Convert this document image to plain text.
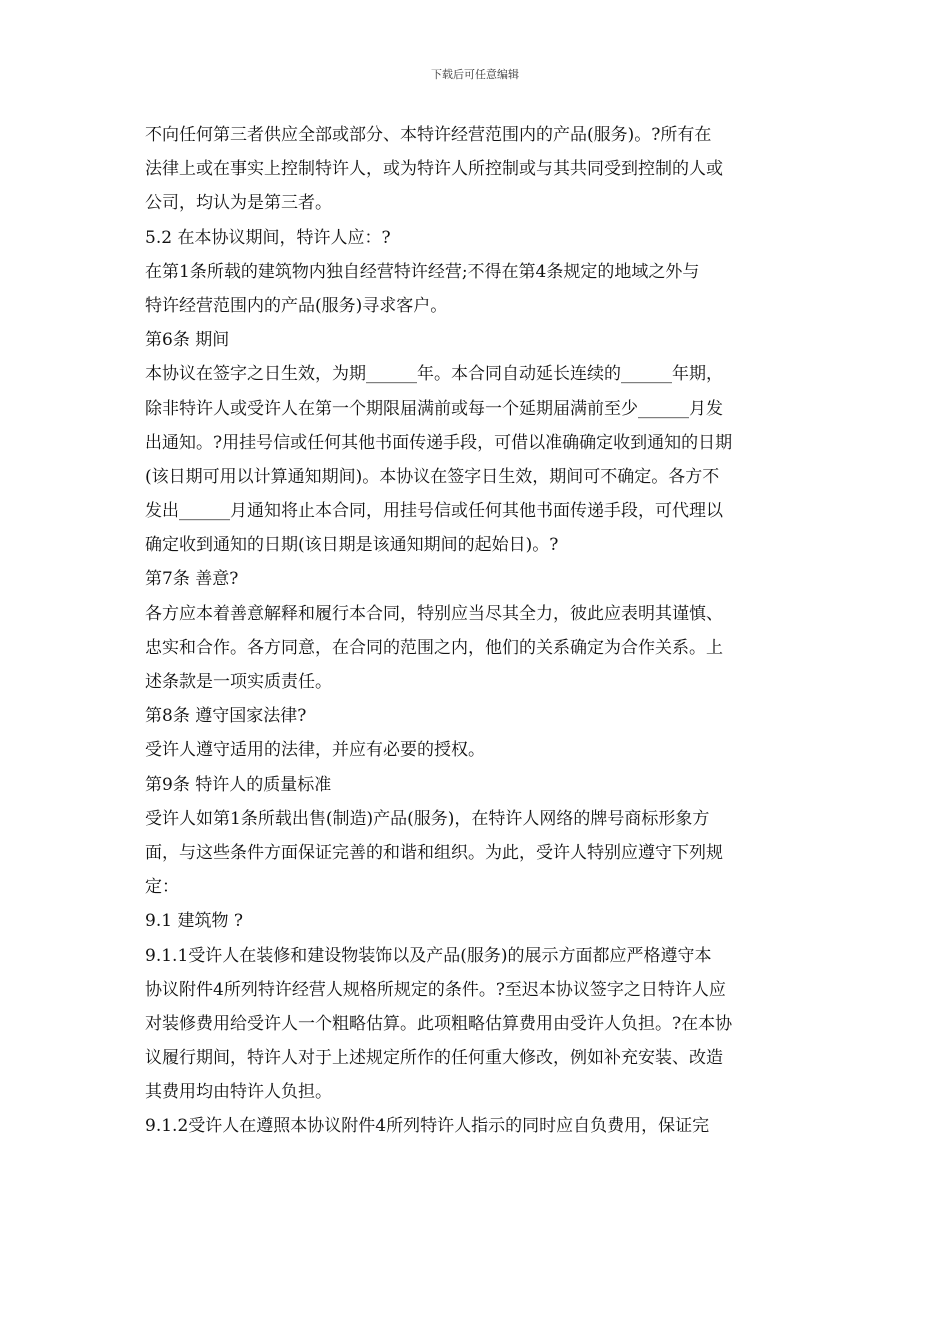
下载后可任意编辑
不向任何第三者供应全部或部分、本特许经营范围内的产品(服务)。?所有在
法律上或在事实上控制特许人，或为特许人所控制或与其共同受到控制的人或
公司，均认为是第三者。
5.2 在本协议期间，特许人应：?
在第1条所载的建筑物内独自经营特许经营;不得在第4条规定的地域之外与
特许经营范围内的产品(服务)寻求客户。
第6条 期间
本协议在签字之日生效，为期______年。本合同自动延长连续的______年期，
除非特许人或受许人在第一个期限届满前或每一个延期届满前至少______月发
出通知。?用挂号信或任何其他书面传递手段，可借以准确确定收到通知的日期
(该日期可用以计算通知期间)。本协议在签字日生效，期间可不确定。各方不
发出______月通知将止本合同，用挂号信或任何其他书面传递手段，可代理以
确定收到通知的日期(该日期是该通知期间的起始日)。?
第7条 善意?
各方应本着善意解释和履行本合同，特别应当尽其全力，彼此应表明其谨慎、
忠实和合作。各方同意，在合同的范围之内，他们的关系确定为合作关系。上
述条款是一项实质责任。
第8条 遵守国家法律?
受许人遵守适用的法律，并应有必要的授权。
第9条 特许人的质量标准
受许人如第1条所载出售(制造)产品(服务)，在特许人网络的牌号商标形象方
面，与这些条件方面保证完善的和谐和组织。为此，受许人特别应遵守下列规
定：
9.1 建筑物 ?
9.1.1受许人在装修和建设物装饰以及产品(服务)的展示方面都应严格遵守本
协议附件4所列特许经营人规格所规定的条件。?至迟本协议签字之日特许人应
对装修费用给受许人一个粗略估算。此项粗略估算费用由受许人负担。?在本协
议履行期间，特许人对于上述规定所作的任何重大修改，例如补充安装、改造
其费用均由特许人负担。
9.1.2受许人在遵照本协议附件4所列特许人指示的同时应自负费用，保证完
